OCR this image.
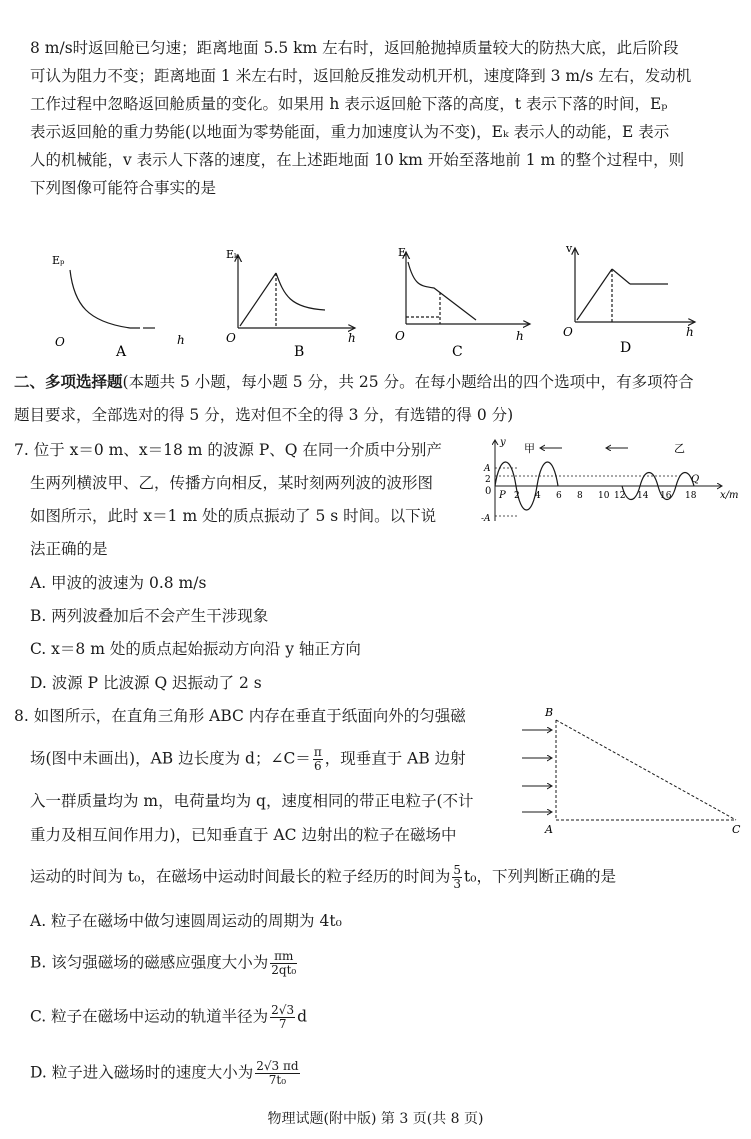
8 m/s时返回舱已匀速；距离地面 5.5 km 左右时，返回舱抛掉质量较大的防热大底，此后阶段
可认为阻力不变；距离地面 1 米左右时，返回舱反推发动机开机，速度降到 3 m/s 左右，发动机
工作过程中忽略返回舱质量的变化。如果用 h 表示返回舱下落的高度，t 表示下落的时间，Eₚ
表示返回舱的重力势能(以地面为零势能面，重力加速度认为不变)，Eₖ 表示人的动能，E 表示
人的机械能，v 表示人下落的速度，在上述距地面 10 km 开始至落地前 1 m 的整个过程中，则
下列图像可能符合事实的是
Eₚ
O	h
A
Eₖ
O	h
B
E
O	h
C
v
O	h
D
二、多项选择题(本题共 5 小题，每小题 5 分，共 25 分。在每小题给出的四个选项中，有多项符合
题目要求，全部选对的得 5 分，选对但不全的得 3 分，有选错的得 0 分)
7. 位于 x＝0 m、x＝18 m 的波源 P、Q 在同一介质中分别产
生两列横波甲、乙，传播方向相反，某时刻两列波的波形图
如图所示，此时 x＝1 m 处的质点振动了 5 s 时间。以下说
法正确的是
A. 甲波的波速为 0.8 m/s
B. 两列波叠加后不会产生干涉现象
C. x＝8 m 处的质点起始振动方向沿 y 轴正方向
D. 波源 P 比波源 Q 迟振动了 2 s
y 甲	乙
A
2
0
-A
P
Q
x/m
2 4 6 8 10 12 14 16 18
8. 如图所示，在直角三角形 ABC 内存在垂直于纸面向外的匀强磁
场(图中未画出)，AB 边长度为 d；∠C＝ $\frac{\pi}{6}$ ，现垂直于 AB 边射
入一群质量均为 m，电荷量均为 q，速度相同的带正电粒子(不计
重力及相互间作用力)，已知垂直于 AC 边射出的粒子在磁场中
运动的时间为 t₀，在磁场中运动时间最长的粒子经历的时间为 $\frac{5}{3} t_0$，下列判断正确的是
A. 粒子在磁场中做匀速圆周运动的周期为 4t₀
B. 该匀强磁场的磁感应强度大小为 $\frac{\pi m}{\text{2qt₀}}$
C. 粒子在磁场中运动的轨道半径为 $\frac{2√3}{7}$ d
D. 粒子进入磁场时的速度大小为 $\frac{2√3 \pi d}{\text{7t₀}}$
B
A	C
物理试题(附中版) 第 3 页(共 8 页)
